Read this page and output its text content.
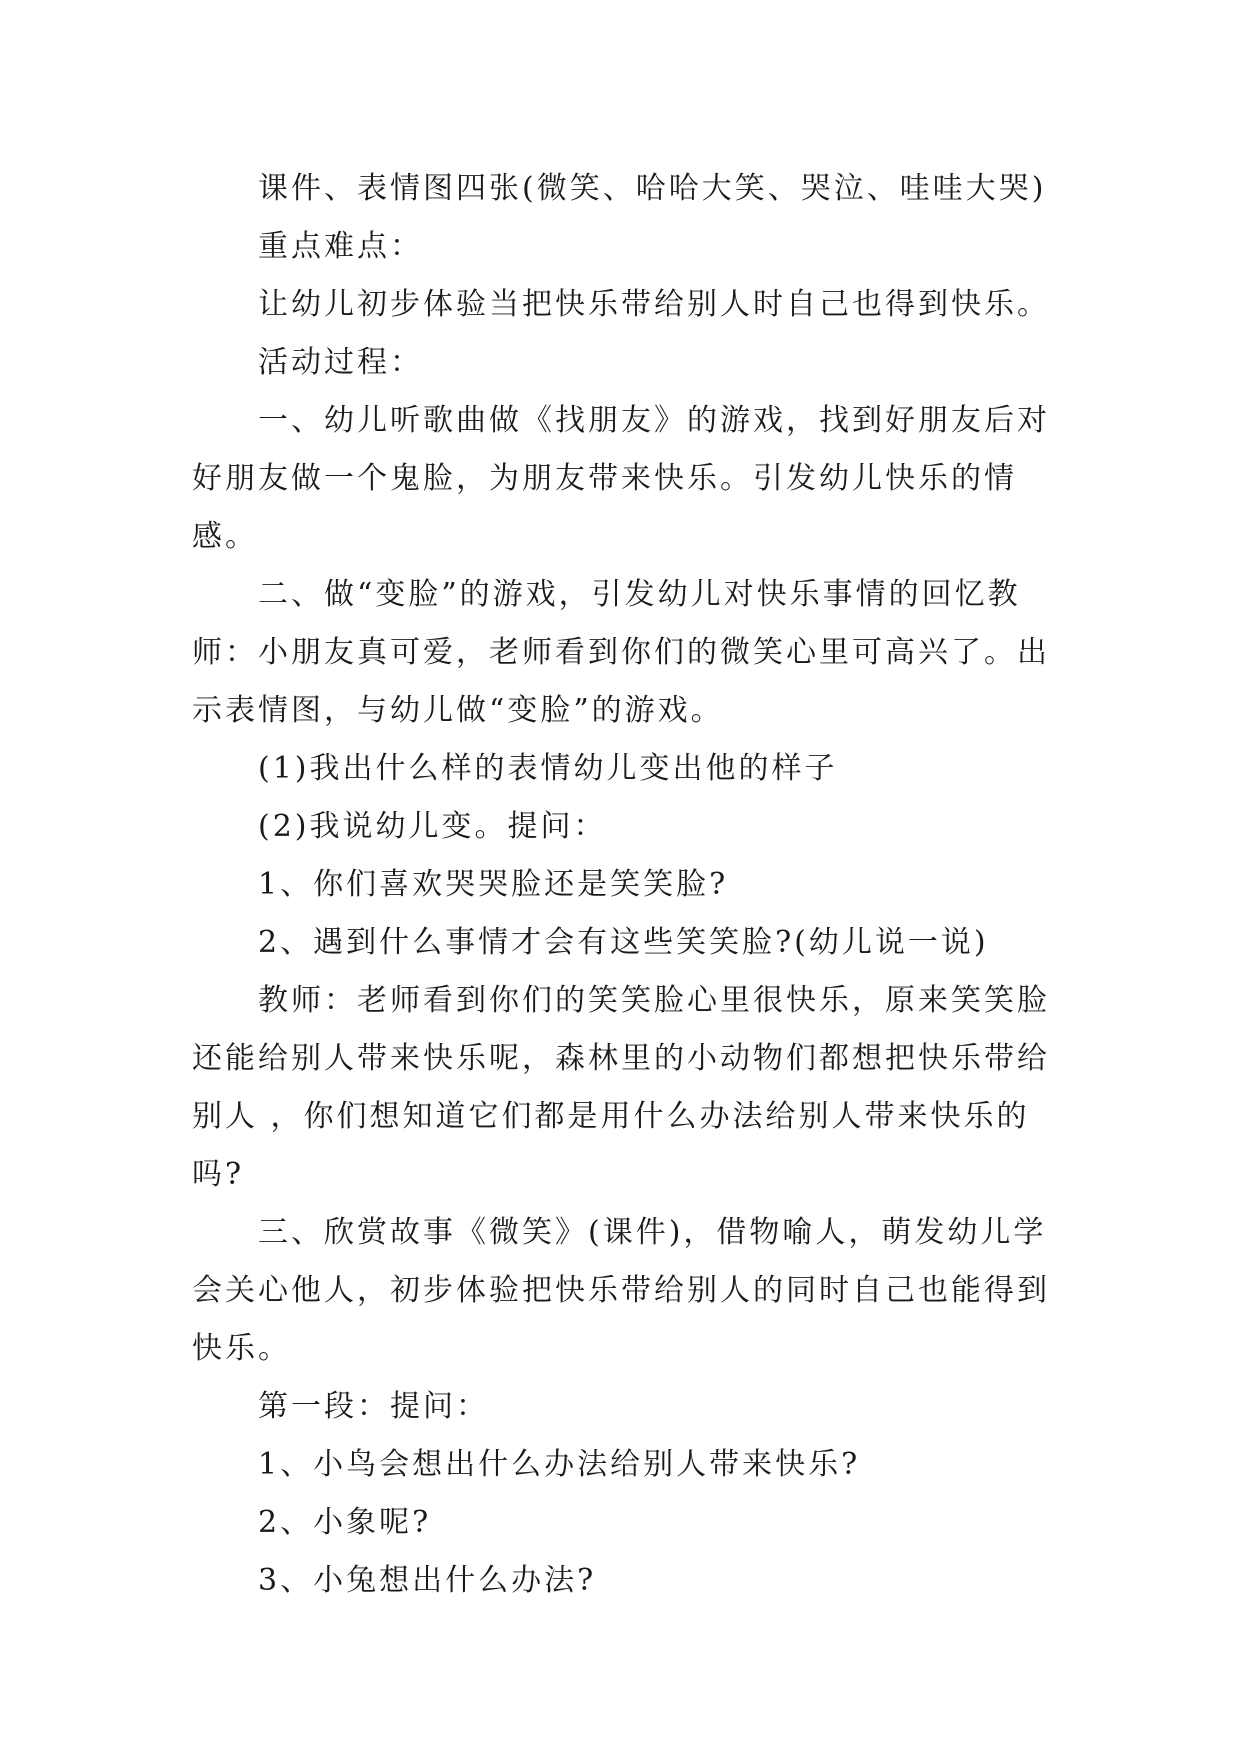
课件、表情图四张(微笑、哈哈大笑、哭泣、哇哇大哭)

重点难点：

让幼儿初步体验当把快乐带给别人时自己也得到快乐。

活动过程：

一、幼儿听歌曲做《找朋友》的游戏，找到好朋友后对好朋友做一个鬼脸，为朋友带来快乐。引发幼儿快乐的情感。

二、做“变脸”的游戏，引发幼儿对快乐事情的回忆教师：小朋友真可爱，老师看到你们的微笑心里可高兴了。出示表情图，与幼儿做“变脸”的游戏。

(1)我出什么样的表情幼儿变出他的样子

(2)我说幼儿变。提问：

1、你们喜欢哭哭脸还是笑笑脸?

2、遇到什么事情才会有这些笑笑脸?(幼儿说一说)

教师：老师看到你们的笑笑脸心里很快乐，原来笑笑脸还能给别人带来快乐呢，森林里的小动物们都想把快乐带给别人 ，你们想知道它们都是用什么办法给别人带来快乐的吗?

三、欣赏故事《微笑》(课件)，借物喻人，萌发幼儿学会关心他人，初步体验把快乐带给别人的同时自己也能得到快乐。

第一段：提问：

1、小鸟会想出什么办法给别人带来快乐?

2、小象呢?

3、小兔想出什么办法?
